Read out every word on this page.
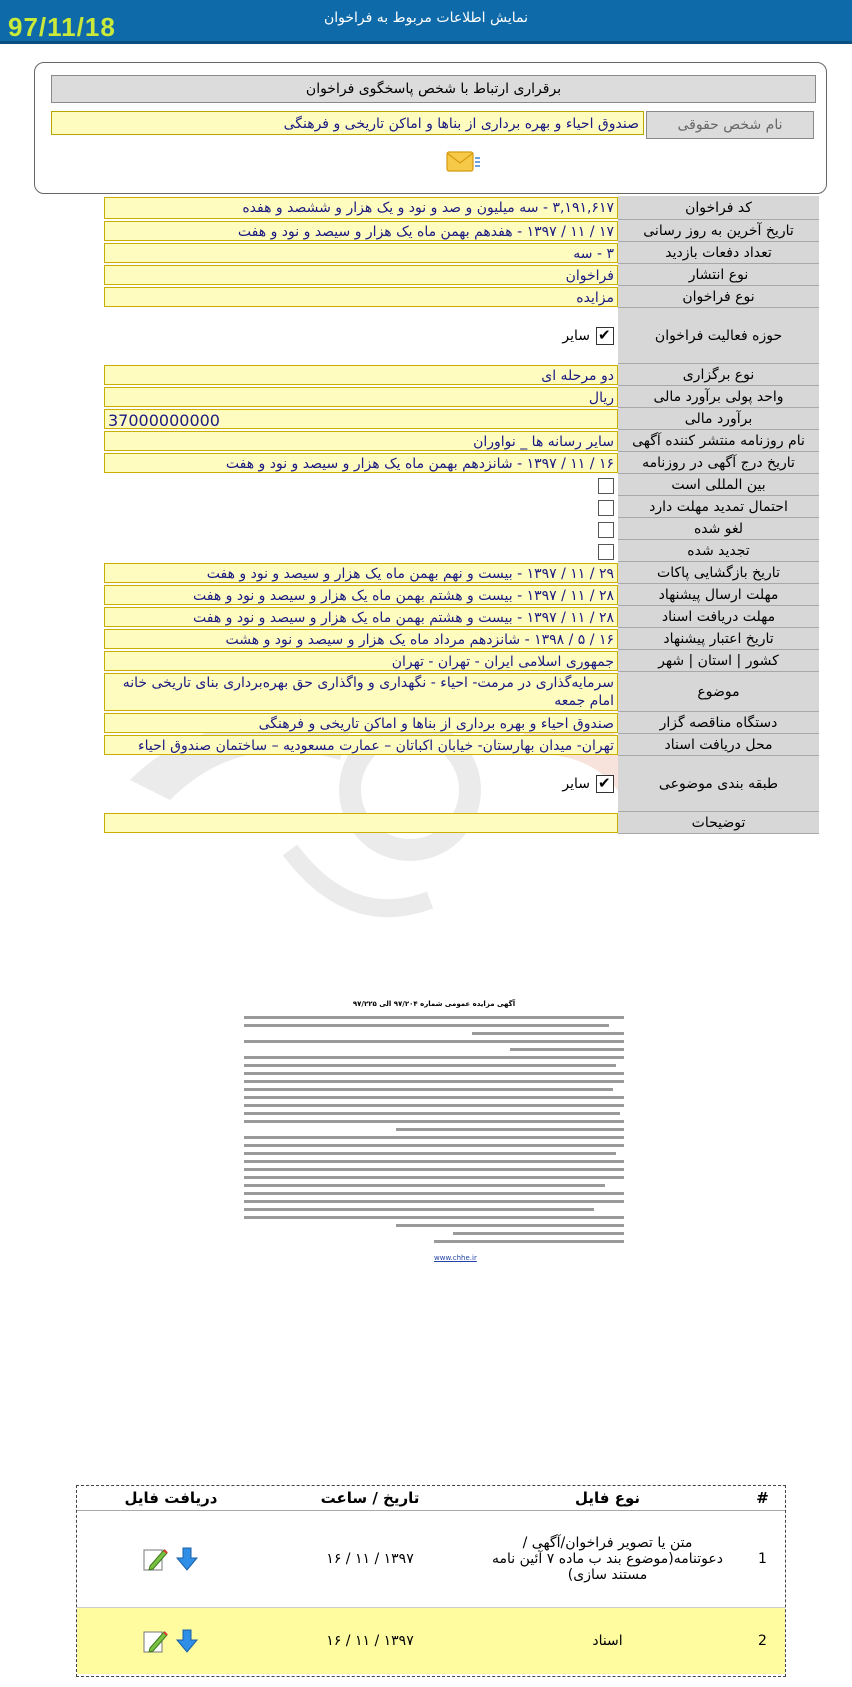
نمایش اطلاعات مربوط به فراخوان
97/11/18
برقراری ارتباط با شخص پاسخگوی فراخوان
نام شخص حقوقی
صندوق احیاء و بهره برداری از بناها و اماکن تاریخی و فرهنگی
کد فراخوان
۳,۱۹۱,۶۱۷ - سه میلیون و صد و نود و یک هزار و ششصد و هفده
تاریخ آخرین به روز رسانی
۱۷ / ۱۱ / ۱۳۹۷ - هفدهم بهمن ماه یک هزار و سیصد و نود و هفت
تعداد دفعات بازدید
۳ - سه
نوع انتشار
فراخوان
نوع فراخوان
مزایده
حوزه فعالیت فراخوان
✔
سایر
نوع برگزاری
دو مرحله ای
واحد پولی برآورد مالی
ریال
برآورد مالی
37000000000
نام روزنامه منتشر کننده آگهی
سایر رسانه ها _ نواوران
تاریخ درج آگهی در روزنامه
۱۶ / ۱۱ / ۱۳۹۷ - شانزدهم بهمن ماه یک هزار و سیصد و نود و هفت
بین المللی است
احتمال تمدید مهلت دارد
لغو شده
تجدید شده
تاریخ بازگشایی پاکات
۲۹ / ۱۱ / ۱۳۹۷ - بیست و نهم بهمن ماه یک هزار و سیصد و نود و هفت
مهلت ارسال پیشنهاد
۲۸ / ۱۱ / ۱۳۹۷ - بیست و هشتم بهمن ماه یک هزار و سیصد و نود و هفت
مهلت دریافت اسناد
۲۸ / ۱۱ / ۱۳۹۷ - بیست و هشتم بهمن ماه یک هزار و سیصد و نود و هفت
تاریخ اعتبار پیشنهاد
۱۶ / ۵ / ۱۳۹۸ - شانزدهم مرداد ماه یک هزار و سیصد و نود و هشت
کشور | استان | شهر
جمهوری اسلامی ایران - تهران - تهران
موضوع
سرمایه‌گذاری در مرمت- احیاء - نگهداری و واگذاری حق بهره‌برداری بنای تاریخی خانه امام جمعه
دستگاه مناقصه گزار
صندوق احیاء و بهره برداری از بناها و اماکن تاریخی و فرهنگی
محل دریافت اسناد
تهران- میدان بهارستان- خیابان اکباتان – عمارت مسعودیه – ساختمان صندوق احیاء
طبقه بندی موضوعی
✔
سایر
توضیحات
آگهی مزایده عمومی شماره ۹۷/۲۰۴ الی ۹۷/۲۲۵
www.chhe.ir
#
نوع فایل
تاریخ / ساعت
دریافت فایل
1
متن یا تصویر فراخوان/آگهی /دعوتنامه(موضوع بند ب ماده ۷ آئین نامه مستند سازی)
۱۳۹۷ / ۱۱ / ۱۶
2
اسناد
۱۳۹۷ / ۱۱ / ۱۶
